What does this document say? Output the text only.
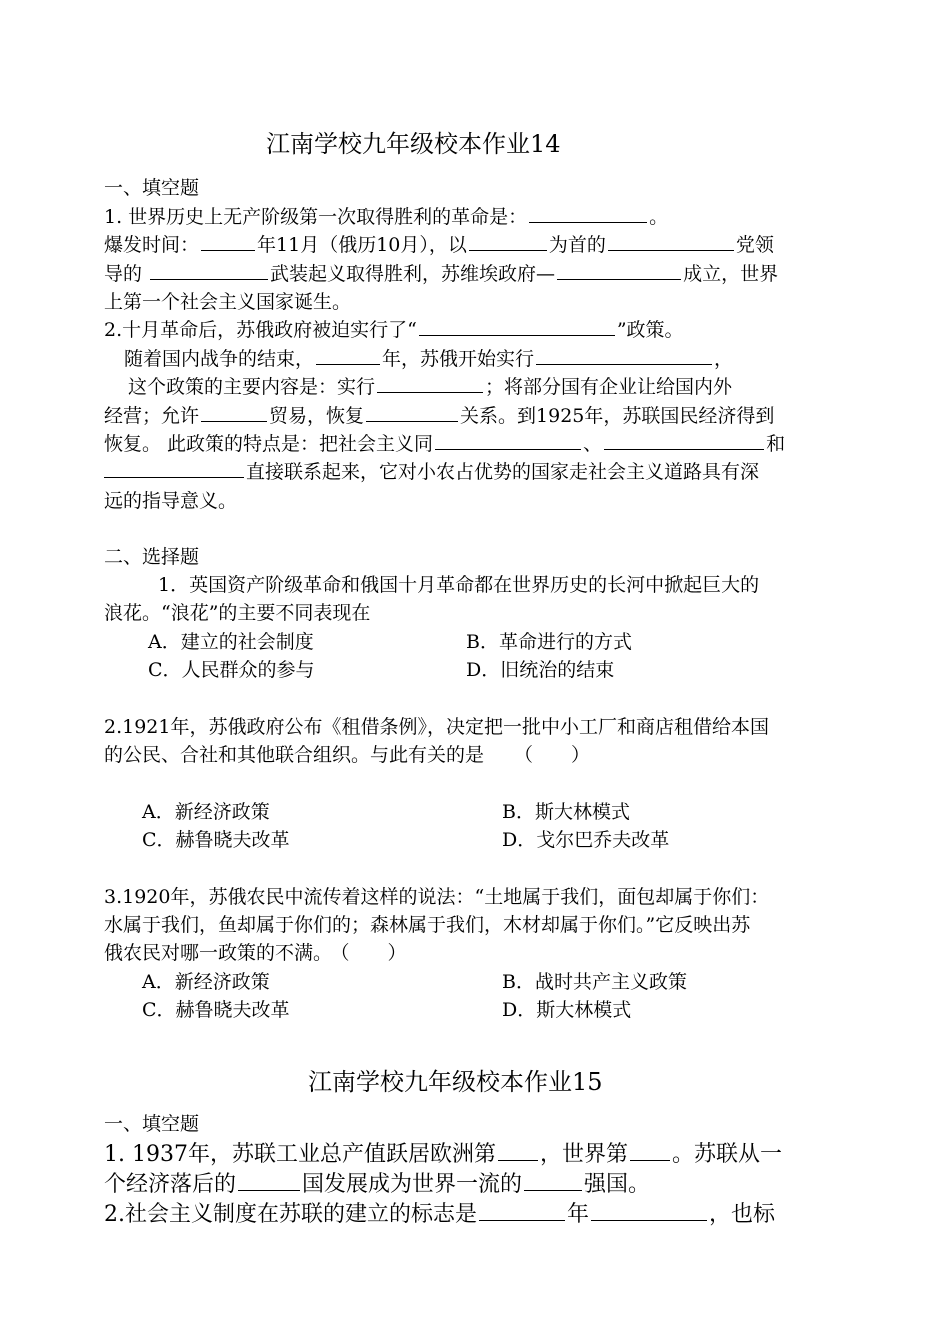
江南学校九年级校本作业14
一、填空题
1. 世界历史上无产阶级第一次取得胜利的革命是：	。
爆发时间：	年11月（俄历10月），以	为首的	党领
导的	武装起义取得胜利，苏维埃政府—	成立，世界
上第一个社会主义国家诞生。
2.十月革命后，苏俄政府被迫实行了“	”政策。
随着国内战争的结束，	年，苏俄开始实行	，
这个政策的主要内容是：实行	；将部分国有企业让给国内外
经营；允许	贸易，恢复	关系。到1925年，苏联国民经济得到
恢复。 此政策的特点是：把社会主义同	、	和
直接联系起来，它对小农占优势的国家走社会主义道路具有深
远的指导意义。
二、选择题
1．英国资产阶级革命和俄国十月革命都在世界历史的长河中掀起巨大的
浪花。“浪花”的主要不同表现在
A．建立的社会制度	B．革命进行的方式
C．人民群众的参与	D．旧统治的结束
2.1921年，苏俄政府公布《租借条例》，决定把一批中小工厂和商店租借给本国
的公民、合社和其他联合组织。与此有关的是 （　　）
A．新经济政策	B．斯大林模式
C．赫鲁晓夫改革	D．戈尔巴乔夫改革
3.1920年，苏俄农民中流传着这样的说法：“土地属于我们，面包却属于你们：
水属于我们，鱼却属于你们的；森林属于我们，木材却属于你们。”它反映出苏
俄农民对哪一政策的不满。 （　　）
A．新经济政策	B．战时共产主义政策
C．赫鲁晓夫改革	D．斯大林模式
江南学校九年级校本作业15
一、填空题
1. 1937年，苏联工业总产值跃居欧洲第 ，世界第 。苏联从一
个经济落后的	国发展成为世界一流的	强国。
2.社会主义制度在苏联的建立的标志是	年	，也标
